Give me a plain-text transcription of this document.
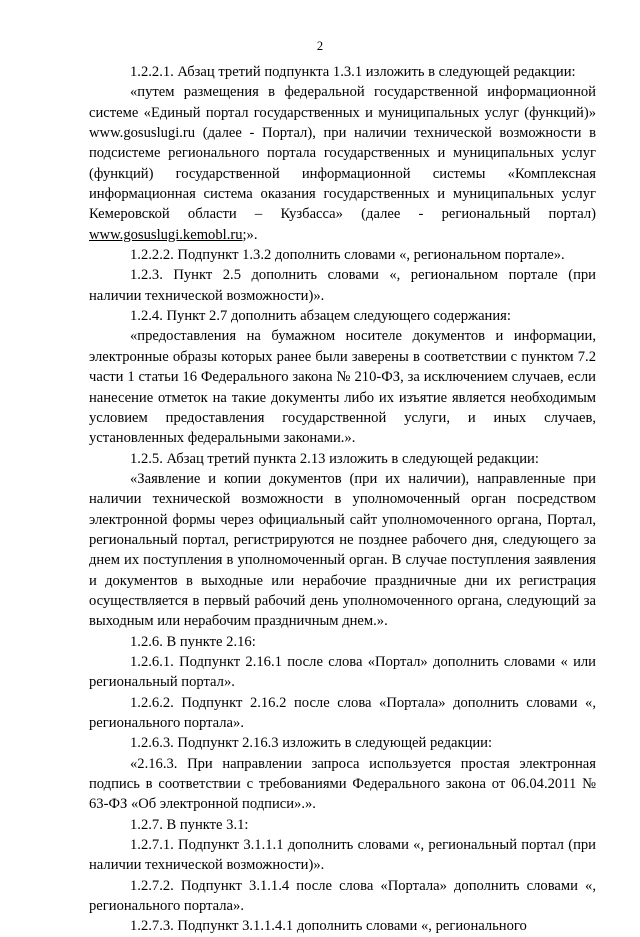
2

1.2.2.1. Абзац третий подпункта 1.3.1 изложить в следующей редакции:

«путем размещения в федеральной государственной информационной системе «Единый портал государственных и муниципальных услуг (функций)» www.gosuslugi.ru (далее - Портал), при наличии технической возможности в подсистеме регионального портала государственных и муниципальных услуг (функций) государственной информационной системы «Комплексная информационная система оказания государственных и муниципальных услуг Кемеровской области – Кузбасса» (далее - региональный портал) www.gosuslugi.kemobl.ru;».

1.2.2.2. Подпункт 1.3.2 дополнить словами «, региональном портале».

1.2.3. Пункт 2.5 дополнить словами «, региональном портале (при наличии технической возможности)».

1.2.4. Пункт 2.7 дополнить абзацем следующего содержания:

«предоставления на бумажном носителе документов и информации, электронные образы которых ранее были заверены в соответствии с пунктом 7.2 части 1 статьи 16 Федерального закона № 210-ФЗ, за исключением случаев, если нанесение отметок на такие документы либо их изъятие является необходимым условием предоставления государственной услуги, и иных случаев, установленных федеральными законами.».

1.2.5. Абзац третий пункта 2.13 изложить в следующей редакции:

«Заявление и копии документов (при их наличии), направленные при наличии технической возможности в уполномоченный орган посредством электронной формы через официальный сайт уполномоченного органа, Портал, региональный портал, регистрируются не позднее рабочего дня, следующего за днем их поступления в уполномоченный орган. В случае поступления заявления и документов в выходные или нерабочие праздничные дни их регистрация осуществляется в первый рабочий день уполномоченного органа, следующий за выходным или нерабочим праздничным днем.».

1.2.6. В пункте 2.16:

1.2.6.1. Подпункт 2.16.1 после слова «Портал» дополнить словами « или региональный портал».

1.2.6.2. Подпункт 2.16.2 после слова «Портала» дополнить словами «, регионального портала».

1.2.6.3. Подпункт 2.16.3 изложить в следующей редакции:

«2.16.3. При направлении запроса используется простая электронная подпись в соответствии с требованиями Федерального закона от 06.04.2011 № 63-ФЗ «Об электронной подписи».».

1.2.7. В пункте 3.1:

1.2.7.1. Подпункт 3.1.1.1 дополнить словами «, региональный портал (при наличии технической возможности)».

1.2.7.2. Подпункт 3.1.1.4 после слова «Портала» дополнить словами «, регионального портала».

1.2.7.3. Подпункт 3.1.1.4.1 дополнить словами «, регионального
